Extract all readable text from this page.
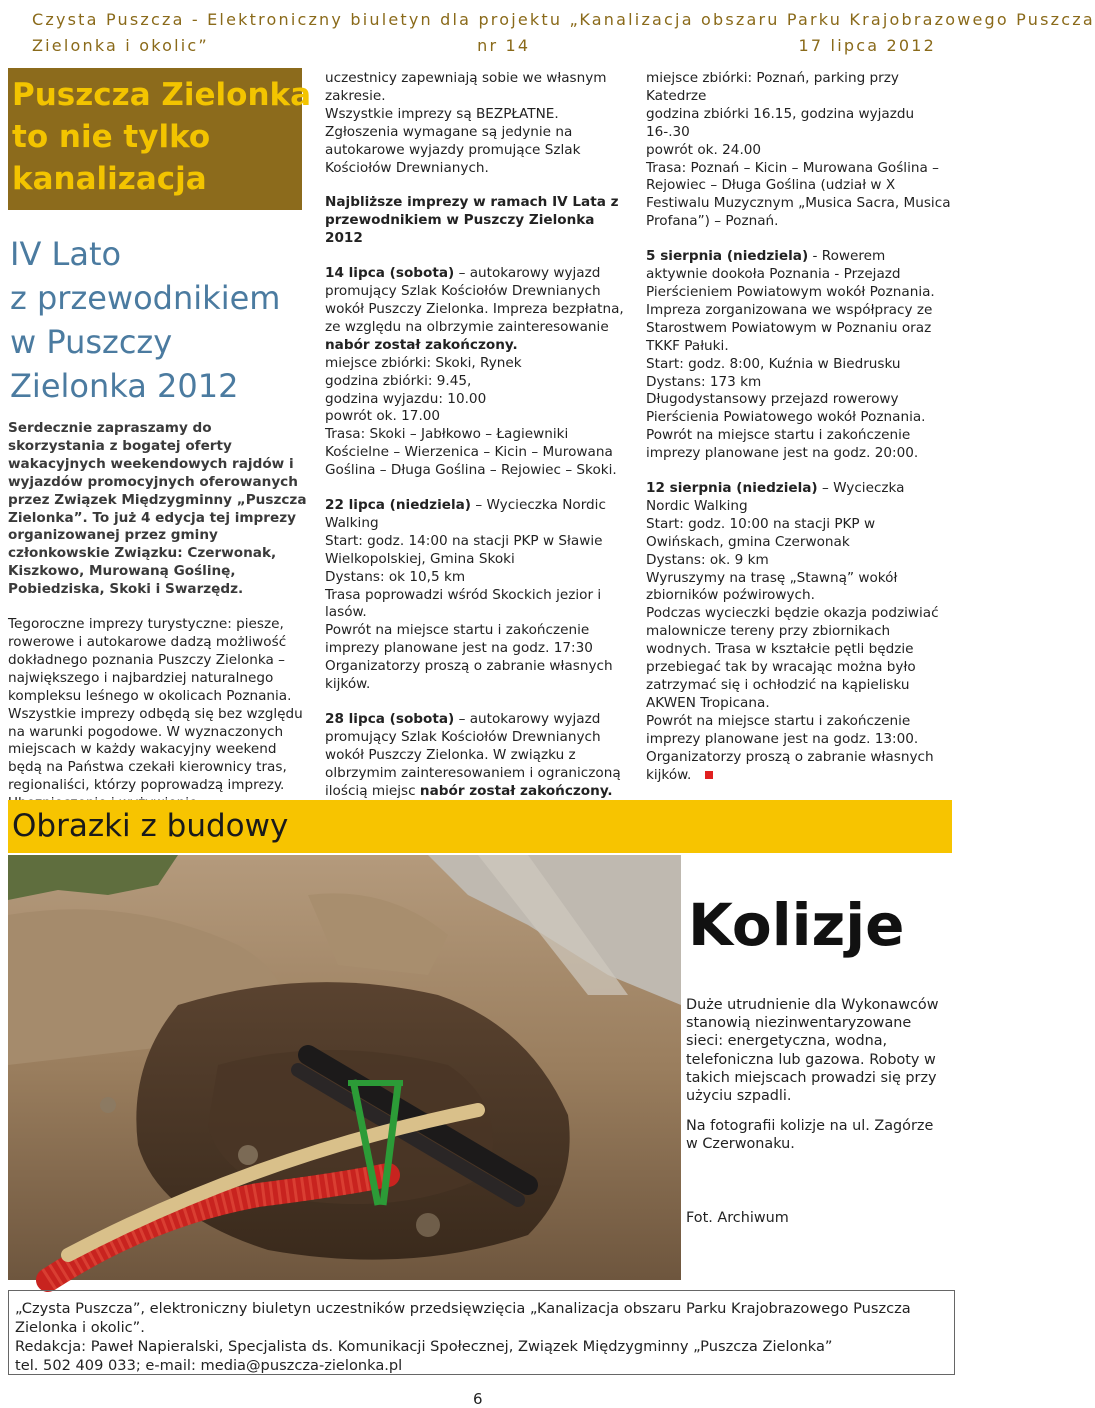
Czysta Puszcza - Elektroniczny biuletyn dla projektu „Kanalizacja obszaru Parku Krajobrazowego Puszcza
Zielonka i okolic”	nr 14	17 lipca 2012
Puszcza Zielonka
to nie tylko
kanalizacja
IV Lato
z przewodnikiem
w Puszczy
Zielonka 2012

Serdecznie zapraszamy do skorzystania z bogatej oferty wakacyjnych weekendowych rajdów i wyjazdów promocyjnych oferowanych przez Związek Międzygminny „Puszcza Zielonka”. To już 4 edycja tej imprezy organizowanej przez gminy członkowskie Związku: Czerwonak, Kiszkowo, Murowaną Goślinę, Pobiedziska, Skoki i Swarzędz.

Tegoroczne imprezy turystyczne: piesze, rowerowe i autokarowe dadzą możliwość dokładnego poznania Puszczy Zielonka – największego i najbardziej naturalnego kompleksu leśnego w okolicach Poznania. Wszystkie imprezy odbędą się bez względu na warunki pogodowe. W wyznaczonych miejscach w każdy wakacyjny weekend będą na Państwa czekałi kierownicy tras, regionaliści, którzy poprowadzą imprezy.

uczestnicy zapewniają sobie we własnym zakresie.

Wszystkie imprezy są BEZPŁATNE. Zgłoszenia wymagane są jedynie na autokarowe wyjazdy promujące Szlak Kościołów Drewnianych.

Najbliższe imprezy w ramach IV Lata z przewodnikiem w Puszczy Zielonka 2012

14 lipca (sobota) – autokarowy wyjazd promujący Szlak Kościołów Drewnianych wokół Puszczy Zielonka. Impreza bezpłatna, ze względu na olbrzymie zainteresowanie nabór został zakończony.

miejsce zbiórki: Skoki, Rynek

godzina zbiórki: 9.45,

godzina wyjazdu: 10.00

powrót ok. 17.00

Trasa: Skoki – Jabłkowo – Łagiewniki Kościelne – Wierzenica – Kicin – Murowana Goślina – Długa Goślina – Rejowiec – Skoki.

22 lipca (niedziela) – Wycieczka Nordic Walking

Start: godz. 14:00 na stacji PKP w Sławie Wielkopolskiej, Gmina Skoki

Dystans: ok 10,5 km

Trasa poprowadzi wśród Skockich jezior i lasów.

Powrót na miejsce startu i zakończenie imprezy planowane jest na godz. 17:30

Organizatorzy proszą o zabranie własnych kijków.

28 lipca (sobota) – autokarowy wyjazd promujący Szlak Kościołów Drewnianych wokół Puszczy Zielonka. W związku z olbrzymim zainteresowaniem i ograniczoną ilością miejsc nabór został zakończony.

miejsce zbiórki: Poznań, parking przy Katedrze

godzina zbiórki 16.15, godzina wyjazdu 16-.30

powrót ok. 24.00

Trasa: Poznań – Kicin – Murowana Goślina – Rejowiec – Długa Goślina (udział w X Festiwalu Muzycznym „Musica Sacra, Musica Profana”) – Poznań.

5 sierpnia (niedziela) - Rowerem aktywnie dookoła Poznania - Przejazd Pierścieniem Powiatowym wokół Poznania. Impreza zorganizowana we współpracy ze Starostwem Powiatowym w Poznaniu oraz TKKF Pałuki.

Start: godz. 8:00, Kuźnia w Biedrusku

Dystans: 173 km

Długodystansowy przejazd rowerowy Pierścienia Powiatowego wokół Poznania.

Powrót na miejsce startu i zakończenie imprezy planowane jest na godz. 20:00.

12 sierpnia (niedziela) – Wycieczka Nordic Walking

Start: godz. 10:00 na stacji PKP w Owińskach, gmina Czerwonak

Dystans: ok. 9 km

Wyruszymy na trasę „Stawną” wokół zbiorników poźwirowych.

Podczas wycieczki będzie okazja podziwiać malownicze tereny przy zbiornikach wodnych. Trasa w kształcie pętli będzie przebiegać tak by wracając można było zatrzymać się i ochłodzić na kąpielisku AKWEN Tropicana.

Powrót na miejsce startu i zakończenie imprezy planowane jest na godz. 13:00.

Organizatorzy proszą o zabranie własnych kijków.

Obrazki z budowy
Kolizje

Duże utrudnienie dla Wykonawców stanowią niezinwentaryzowane sieci: energetyczna, wodna, telefoniczna lub gazowa. Roboty w takich miejscach prowadzi się przy użyciu szpadli.

Na fotografii kolizje na ul. Zagórze w Czerwonaku.

Fot. Archiwum
„Czysta Puszcza”, elektroniczny biuletyn uczestników przedsięwzięcia „Kanalizacja obszaru Parku Krajobrazowego Puszcza Zielonka i okolic”.
Redakcja: Paweł Napieralski, Specjalista ds. Komunikacji Społecznej, Związek Międzygminny „Puszcza Zielonka”
tel. 502 409 033; e-mail: media@puszcza-zielonka.pl
6
